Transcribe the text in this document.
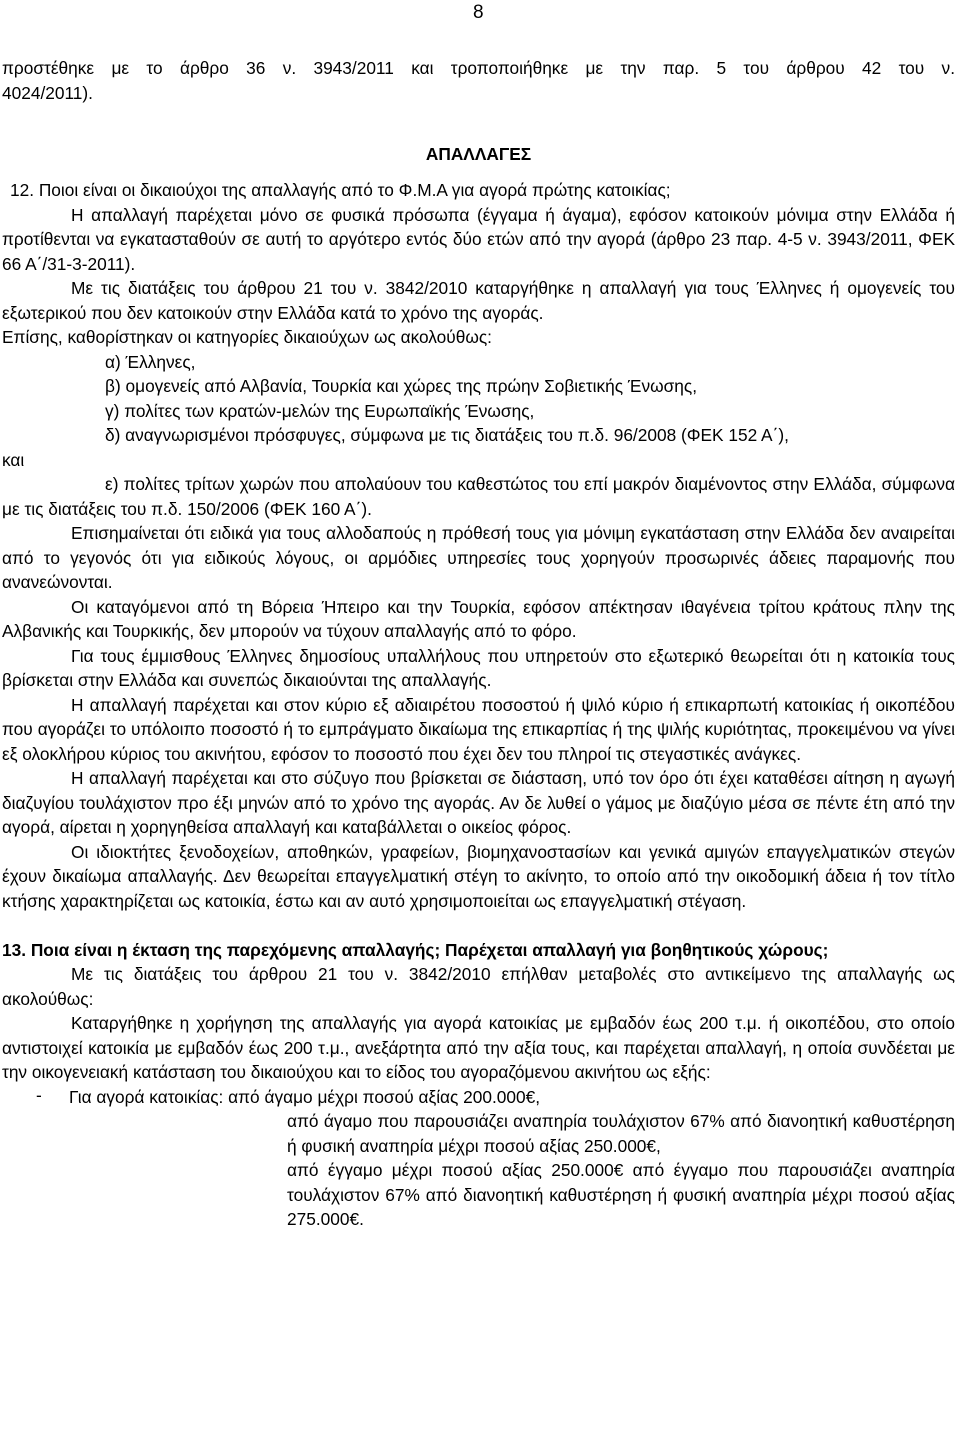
8

προστέθηκε με το άρθρο 36 ν. 3943/2011 και τροποποιήθηκε με την παρ. 5 του άρθρου 42 του ν.

4024/2011).

ΑΠΑΛΛΑΓΕΣ

12. Ποιοι είναι οι δικαιούχοι της απαλλαγής από το Φ.Μ.Α για αγορά πρώτης κατοικίας;

Η απαλλαγή παρέχεται μόνο σε φυσικά πρόσωπα (έγγαμα ή άγαμα), εφόσον κατοικούν μόνιμα στην Ελλάδα ή προτίθενται να εγκατασταθούν σε αυτή το αργότερο εντός δύο ετών από την αγορά (άρθρο 23 παρ. 4-5 ν. 3943/2011, ΦΕΚ 66 Α΄/31-3-2011).

Με τις διατάξεις του άρθρου 21 του ν. 3842/2010 καταργήθηκε η απαλλαγή για τους Έλληνες ή ομογενείς του εξωτερικού που δεν κατοικούν στην Ελλάδα κατά το χρόνο της αγοράς.

Επίσης, καθορίστηκαν οι κατηγορίες δικαιούχων ως ακολούθως:

α) Έλληνες,

β) ομογενείς από Αλβανία, Τουρκία και χώρες της πρώην Σοβιετικής Ένωσης,

γ) πολίτες των κρατών-μελών της Ευρωπαϊκής Ένωσης,

δ) αναγνωρισμένοι πρόσφυγες, σύμφωνα με τις διατάξεις του π.δ. 96/2008 (ΦΕΚ 152 Α΄),

και

ε) πολίτες τρίτων χωρών που απολαύουν του καθεστώτος του επί μακρόν διαμένοντος στην Ελλάδα, σύμφωνα με τις διατάξεις του π.δ. 150/2006 (ΦΕΚ 160 Α΄).

Επισημαίνεται ότι ειδικά για τους αλλοδαπούς η πρόθεσή τους για μόνιμη εγκατάσταση στην Ελλάδα δεν αναιρείται από το γεγονός ότι για ειδικούς λόγους, οι αρμόδιες υπηρεσίες τους χορηγούν προσωρινές άδειες παραμονής που ανανεώνονται.

Οι καταγόμενοι από τη Βόρεια Ήπειρο και την Τουρκία, εφόσον απέκτησαν ιθαγένεια τρίτου κράτους πλην της Αλβανικής και Τουρκικής, δεν μπορούν να τύχουν απαλλαγής από το φόρο.

Για τους έμμισθους Έλληνες δημοσίους υπαλλήλους που υπηρετούν στο εξωτερικό θεωρείται ότι η κατοικία τους βρίσκεται στην Ελλάδα και συνεπώς δικαιούνται της απαλλαγής.

Η απαλλαγή παρέχεται και στον κύριο εξ αδιαιρέτου ποσοστού ή ψιλό κύριο ή επικαρπωτή κατοικίας ή οικοπέδου που αγοράζει το υπόλοιπο ποσοστό ή το εμπράγματο δικαίωμα της επικαρπίας ή της ψιλής κυριότητας, προκειμένου να γίνει εξ ολοκλήρου κύριος του ακινήτου, εφόσον το ποσοστό που έχει δεν του πληροί τις στεγαστικές ανάγκες.

Η απαλλαγή παρέχεται και στο σύζυγο που βρίσκεται σε διάσταση, υπό τον όρο ότι έχει καταθέσει αίτηση η αγωγή διαζυγίου τουλάχιστον προ έξι μηνών από το χρόνο της αγοράς. Αν δε λυθεί ο γάμος με διαζύγιο μέσα σε πέντε έτη από την αγορά, αίρεται η χορηγηθείσα απαλλαγή και καταβάλλεται ο οικείος φόρος.

Οι ιδιοκτήτες ξενοδοχείων, αποθηκών, γραφείων, βιομηχανοστασίων και γενικά αμιγών επαγγελματικών στεγών έχουν δικαίωμα απαλλαγής. Δεν θεωρείται επαγγελματική στέγη το ακίνητο, το οποίο από την οικοδομική άδεια ή τον τίτλο κτήσης χαρακτηρίζεται ως κατοικία, έστω και αν αυτό χρησιμοποιείται ως επαγγελματική στέγαση.

13. Ποια είναι η έκταση της παρεχόμενης απαλλαγής; Παρέχεται απαλλαγή για βοηθητικούς χώρους;

Με τις διατάξεις του άρθρου 21 του ν. 3842/2010 επήλθαν μεταβολές στο αντικείμενο της απαλλαγής ως ακολούθως:

Καταργήθηκε η χορήγηση της απαλλαγής για αγορά κατοικίας με εμβαδόν έως 200 τ.μ. ή οικοπέδου, στο οποίο αντιστοιχεί κατοικία με εμβαδόν έως 200 τ.μ., ανεξάρτητα από την αξία τους, και παρέχεται απαλλαγή, η οποία συνδέεται με την οικογενειακή κατάσταση του δικαιούχου και το είδος του αγοραζόμενου ακινήτου ως εξής:

-	Για αγορά κατοικίας: από άγαμο μέχρι ποσού αξίας 200.000€,

από άγαμο που παρουσιάζει αναπηρία τουλάχιστον 67% από διανοητική καθυστέρηση ή φυσική αναπηρία μέχρι ποσού αξίας 250.000€,

από έγγαμο μέχρι ποσού αξίας 250.000€ από έγγαμο που παρουσιάζει αναπηρία τουλάχιστον 67% από διανοητική καθυστέρηση ή φυσική αναπηρία μέχρι ποσού αξίας 275.000€.
